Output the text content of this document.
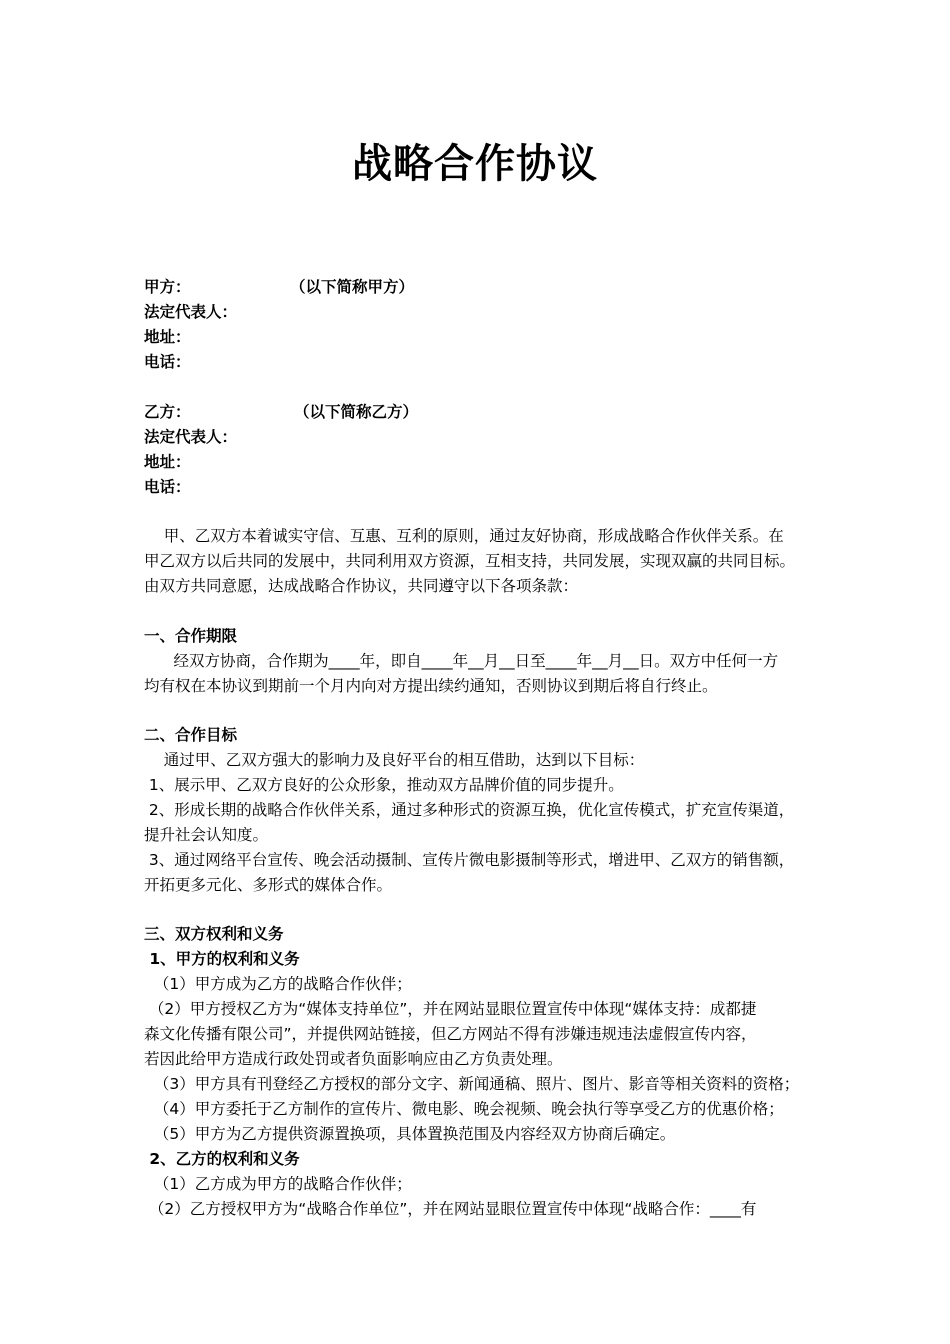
战略合作协议
甲方：	（以下简称甲方）
法定代表人：
地址：
电话：
乙方：	（以下简称乙方）
法定代表人：
地址：
电话：
甲、乙双方本着诚实守信、互惠、互利的原则，通过友好协商，形成战略合作伙伴关系。在
甲乙双方以后共同的发展中，共同利用双方资源，互相支持，共同发展，实现双赢的共同目标。
由双方共同意愿，达成战略合作协议，共同遵守以下各项条款：
一、合作期限
经双方协商，合作期为____年，即自____年__月__日至____年__月__日。双方中任何一方
均有权在本协议到期前一个月内向对方提出续约通知，否则协议到期后将自行终止。
二、合作目标
通过甲、乙双方强大的影响力及良好平台的相互借助，达到以下目标：
1、展示甲、乙双方良好的公众形象，推动双方品牌价值的同步提升。
2、形成长期的战略合作伙伴关系，通过多种形式的资源互换，优化宣传模式，扩充宣传渠道，
提升社会认知度。
3、通过网络平台宣传、晚会活动摄制、宣传片微电影摄制等形式，增进甲、乙双方的销售额，
开拓更多元化、多形式的媒体合作。
三、双方权利和义务
1、甲方的权利和义务
（1）甲方成为乙方的战略合作伙伴；
（2）甲方授权乙方为“媒体支持单位”，并在网站显眼位置宣传中体现“媒体支持：成都捷
森文化传播有限公司”，并提供网站链接，但乙方网站不得有涉嫌违规违法虚假宣传内容，
若因此给甲方造成行政处罚或者负面影响应由乙方负责处理。
（3）甲方具有刊登经乙方授权的部分文字、新闻通稿、照片、图片、影音等相关资料的资格；
（4）甲方委托于乙方制作的宣传片、微电影、晚会视频、晚会执行等享受乙方的优惠价格；
（5）甲方为乙方提供资源置换项，具体置换范围及内容经双方协商后确定。
2、乙方的权利和义务
（1）乙方成为甲方的战略合作伙伴；
（2）乙方授权甲方为“战略合作单位”，并在网站显眼位置宣传中体现“战略合作：____有
